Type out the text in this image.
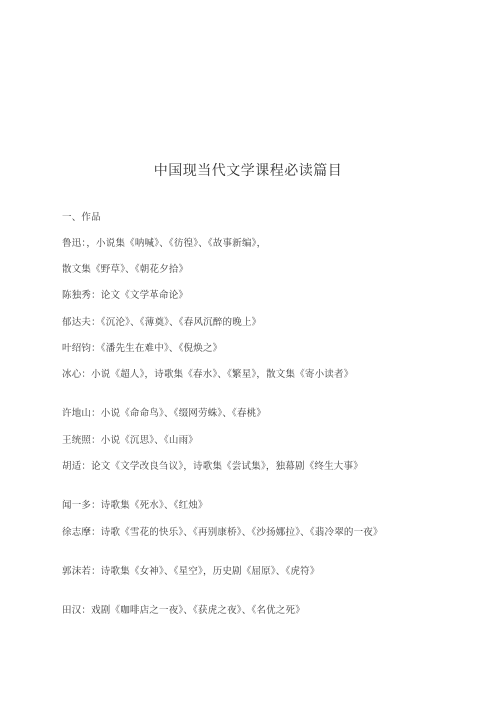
中国现当代文学课程必读篇目
一、作品
鲁迅：，小说集《呐喊》、《彷徨》、《故事新编》，
散文集《野草》、《朝花夕拾》
陈独秀：论文《文学革命论》
郁达夫：《沉沦》、《薄奠》、《春风沉醉的晚上》
叶绍钧：《潘先生在难中》、《倪焕之》
冰心：小说《超人》，诗歌集《春水》、《繁星》，散文集《寄小读者》
许地山：小说《命命鸟》、《缀网劳蛛》、《春桃》
王统照：小说《沉思》、《山雨》
胡适：论文《文学改良刍议》，诗歌集《尝试集》，独幕剧《终生大事》
闻一多：诗歌集《死水》、《红烛》
徐志摩：诗歌《雪花的快乐》、《再别康桥》、《沙扬娜拉》、《翡冷翠的一夜》
郭沫若：诗歌集《女神》、《星空》，历史剧《屈原》、《虎符》
田汉：戏剧《咖啡店之一夜》、《获虎之夜》、《名优之死》
